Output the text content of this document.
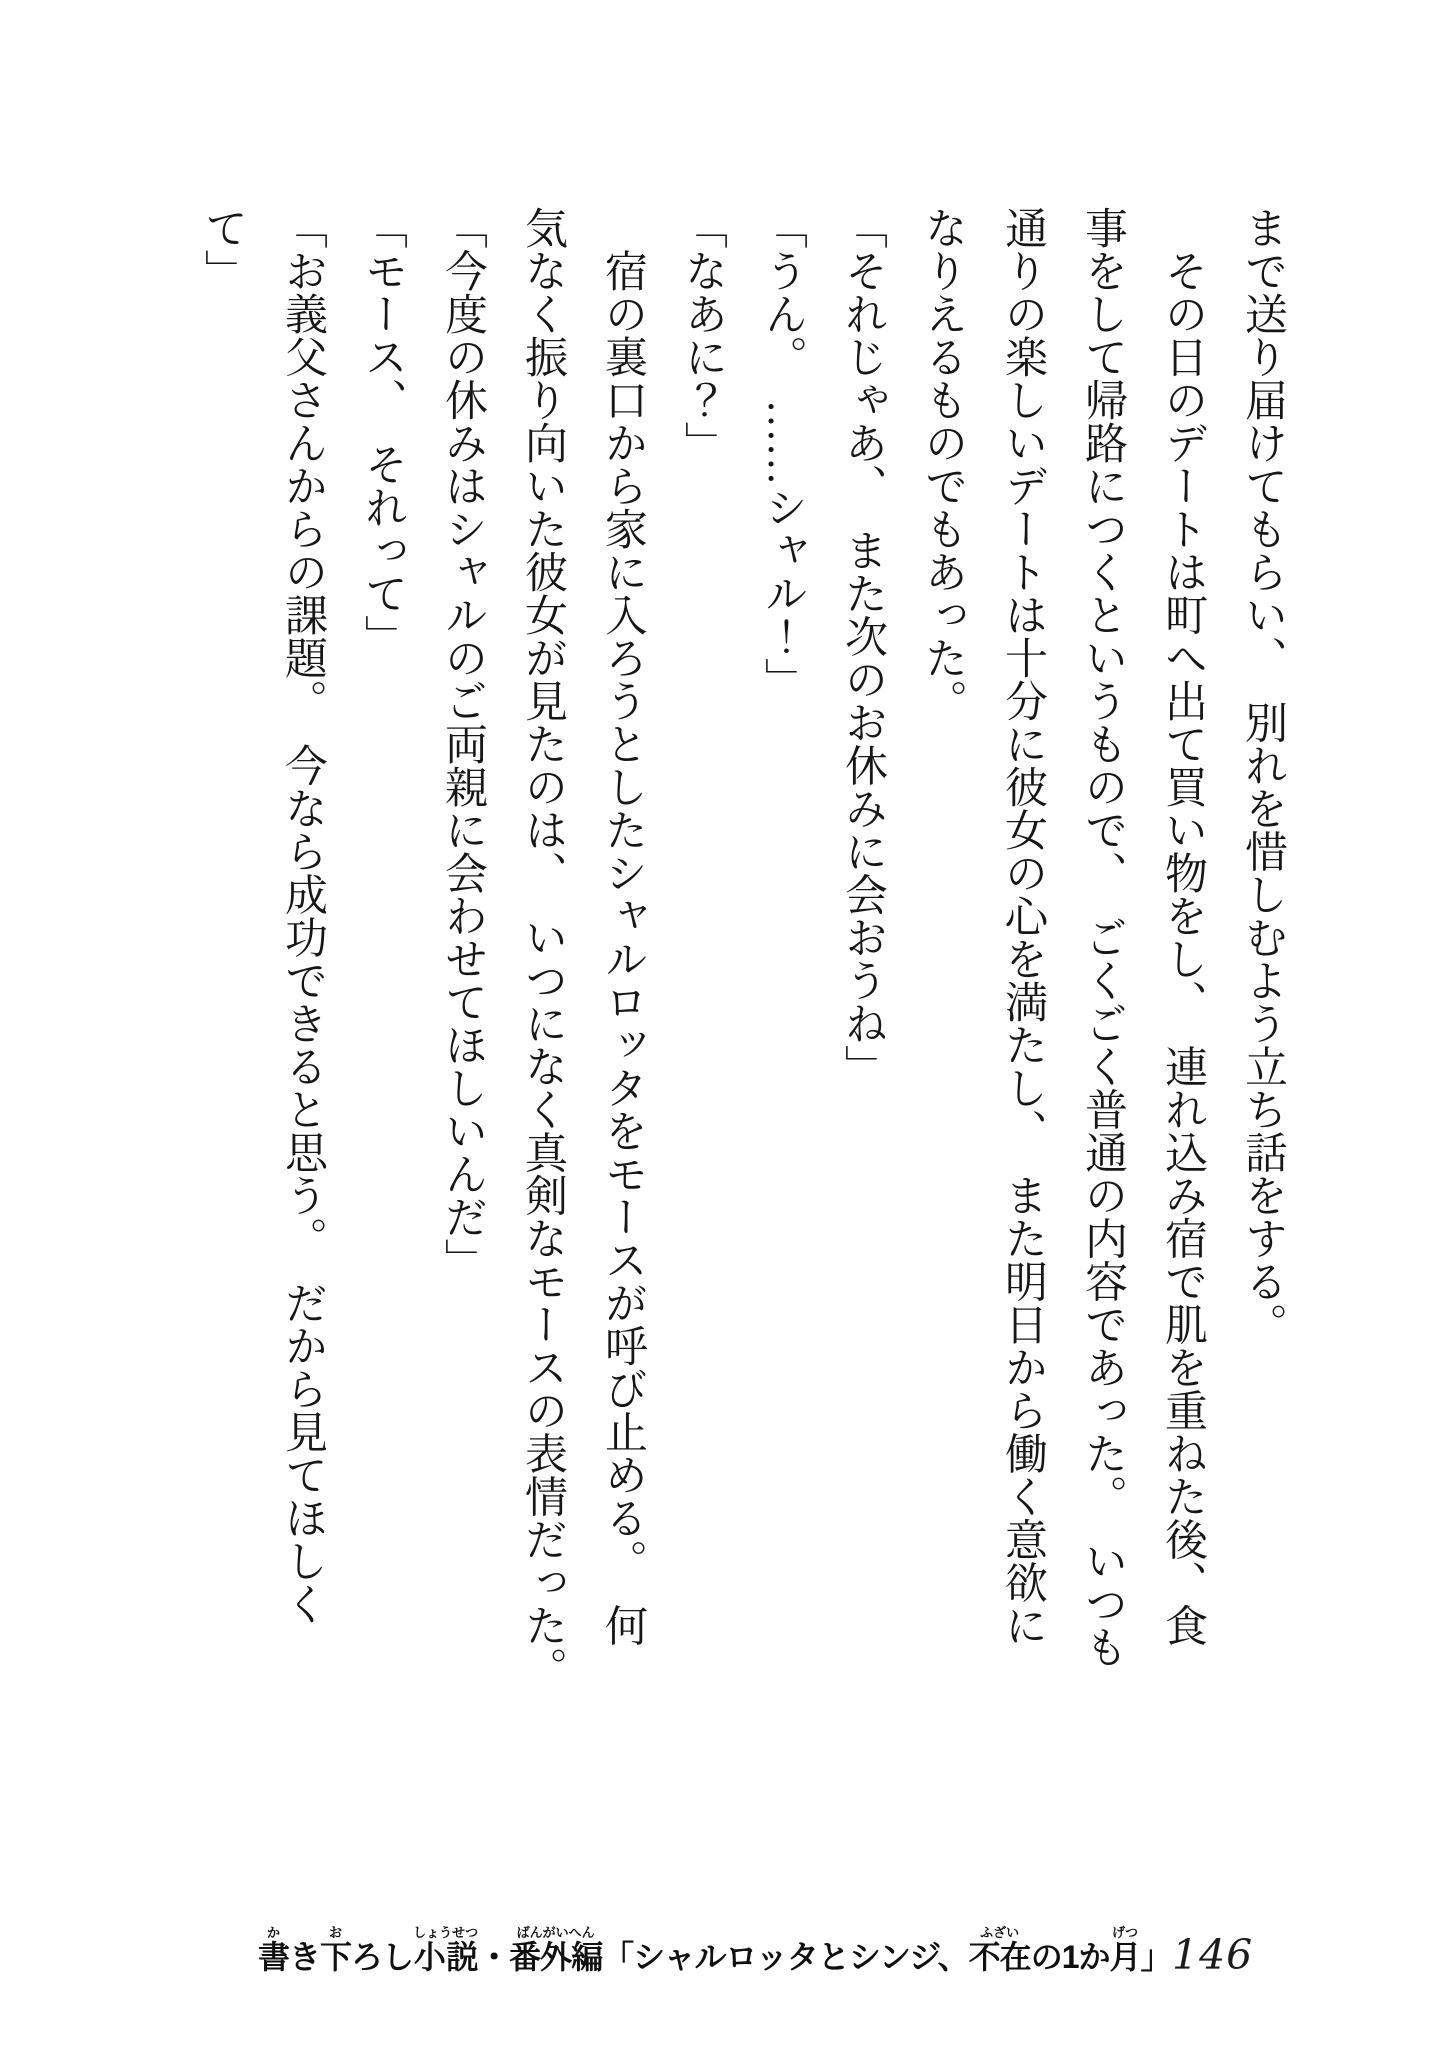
まで送り届けてもらい、　別れを惜しむよう立ち話をする。

　その日のデートは町へ出て買い物をし、　連れ込み宿で肌を重ねた後、食

事をして帰路につくというもので、　ごくごく普通の内容であった。　いつも

通りの楽しいデートは十分に彼女の心を満たし、　また明日から働く意欲に

なりえるものでもあった。

「それじゃあ、　また次のお休みに会おうね」

「うん。　……シャル！」

「なあに？」

　宿の裏口から家に入ろうとしたシャルロッタをモースが呼び止める。　何

気なく振り向いた彼女が見たのは、　いつになく真剣なモースの表情だった。

「今度の休みはシャルのご両親に会わせてほしいんだ」

「モース、　それって」

「お義父さんからの課題。　今なら成功できると思う。　だから見てほしく

て」

書かき下おろし小説しょうせつ・番外編ばんがいへん「シャルロッタとシンジ、不在ふざいの1か月げつ」 146
